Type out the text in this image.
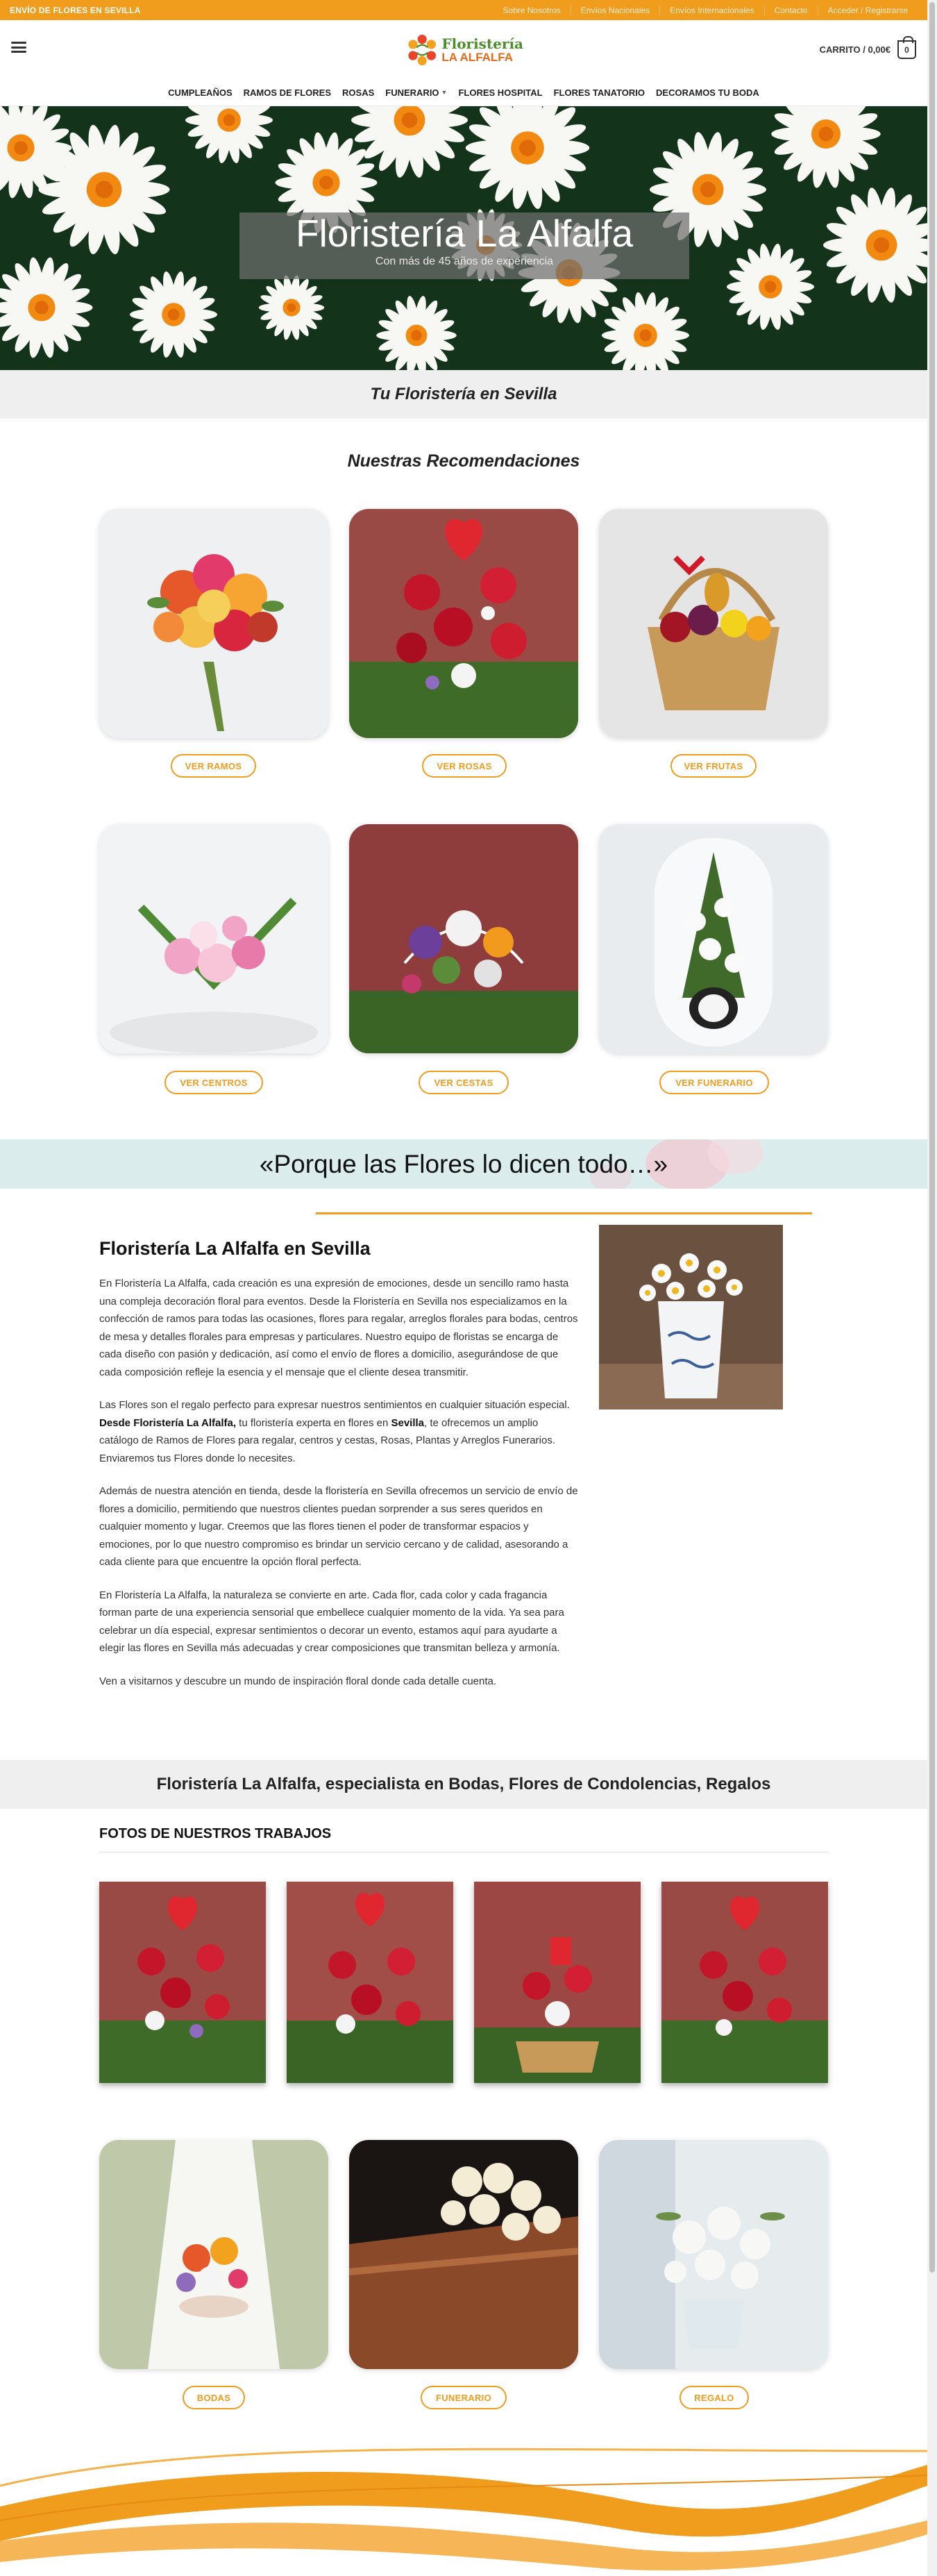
ENVÍO DE FLORES EN SEVILLA	Sobre Nosotros	Envíos Nacionales	Envíos Internacionales	Contacto	Acceder / Registrarse
Floristería
LA ALFALFA
CARRITO / 0,00€ 0
CUMPLEAÑOS RAMOS DE FLORES ROSAS FUNERARIO ▼ FLORES HOSPITAL FLORES TANATORIO DECORAMOS TU BODA
Floristería La Alfalfa
Con más de 45 años de experiencia
Tu Floristería en Sevilla
Nuestras Recomendaciones
VER RAMOS	VER ROSAS	VER FRUTAS
VER CENTROS	VER CESTAS	VER FUNERARIO
«Porque las Flores lo dicen todo…»
Floristería La Alfalfa en Sevilla

En Floristería La Alfalfa, cada creación es una expresión de emociones, desde un sencillo ramo hasta una compleja decoración floral para eventos. Desde la Floristería en Sevilla nos especializamos en la confección de ramos para todas las ocasiones, flores para regalar, arreglos florales para bodas, centros de mesa y detalles florales para empresas y particulares. Nuestro equipo de floristas se encarga de cada diseño con pasión y dedicación, así como el envío de flores a domicilio, asegurándose de que cada composición refleje la esencia y el mensaje que el cliente desea transmitir.

Las Flores son el regalo perfecto para expresar nuestros sentimientos en cualquier situación especial. Desde Floristería La Alfalfa, tu floristería experta en flores en Sevilla, te ofrecemos un amplio catálogo de Ramos de Flores para regalar, centros y cestas, Rosas, Plantas y Arreglos Funerarios. Enviaremos tus Flores donde lo necesites.

Además de nuestra atención en tienda, desde la floristería en Sevilla ofrecemos un servicio de envío de flores a domicilio, permitiendo que nuestros clientes puedan sorprender a sus seres queridos en cualquier momento y lugar. Creemos que las flores tienen el poder de transformar espacios y emociones, por lo que nuestro compromiso es brindar un servicio cercano y de calidad, asesorando a cada cliente para que encuentre la opción floral perfecta.

En Floristería La Alfalfa, la naturaleza se convierte en arte. Cada flor, cada color y cada fragancia forman parte de una experiencia sensorial que embellece cualquier momento de la vida. Ya sea para celebrar un día especial, expresar sentimientos o decorar un evento, estamos aquí para ayudarte a elegir las flores en Sevilla más adecuadas y crear composiciones que transmitan belleza y armonía.

Ven a visitarnos y descubre un mundo de inspiración floral donde cada detalle cuenta.

Floristería La Alfalfa, especialista en Bodas, Flores de Condolencias, Regalos
FOTOS DE NUESTROS TRABAJOS
BODAS	FUNERARIO	REGALO
